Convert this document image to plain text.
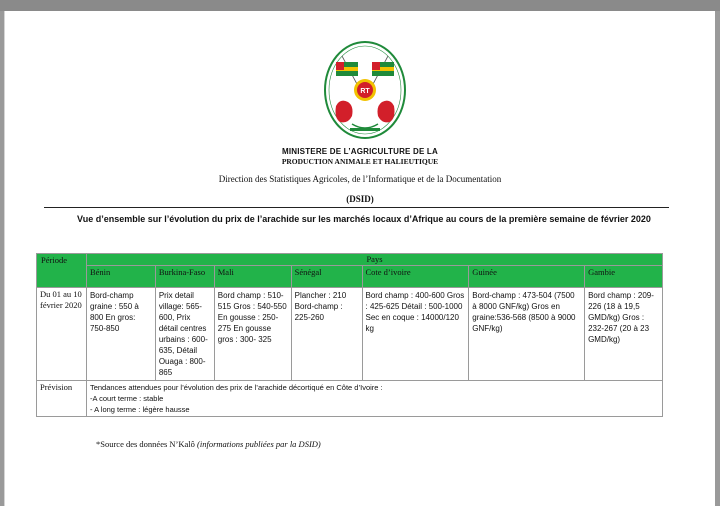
RT
MINISTERE DE L’AGRICULTURE DE LA
PRODUCTION ANIMALE ET HALIEUTIQUE
Direction des Statistiques Agricoles, de l’Informatique et de la Documentation
(DSID)
Vue d’ensemble sur l’évolution du prix de l’arachide sur les marchés locaux d’Afrique au cours de la première semaine de février 2020
Période	Pays						
	Bénin	Burkina-Faso	Mali	Sénégal	Cote d’ivoire	Guinée	Gambie
Du 01 au 10 février 2020	Bord-champ graine : 550 à 800 En gros: 750-850	Prix detail village: 565-600, Prix détail centres urbains : 600-635, Détail Ouaga : 800-865	Bord champ : 510-515 Gros : 540-550 En gousse : 250-275 En gousse gros : 300- 325	Plancher : 210 Bord-champ : 225-260	Bord champ : 400-600 Gros : 425-625 Détail : 500-1000 Sec en coque : 14000/120 kg	Bord-champ : 473-504 (7500 à 8000 GNF/kg) Gros en graine:536-568 (8500 à 9000 GNF/kg)	Bord champ : 209-226 (18 à 19,5 GMD/kg) Gros : 232-267 (20 à 23 GMD/kg)
Prévision	Tendances attendues pour l’évolution des prix de l’arachide décortiqué en Côte d’Ivoire :
-A court terme : stable
- A long terme : légère hausse						
*Source des données N’Kalô (informations publiées par la DSID)
